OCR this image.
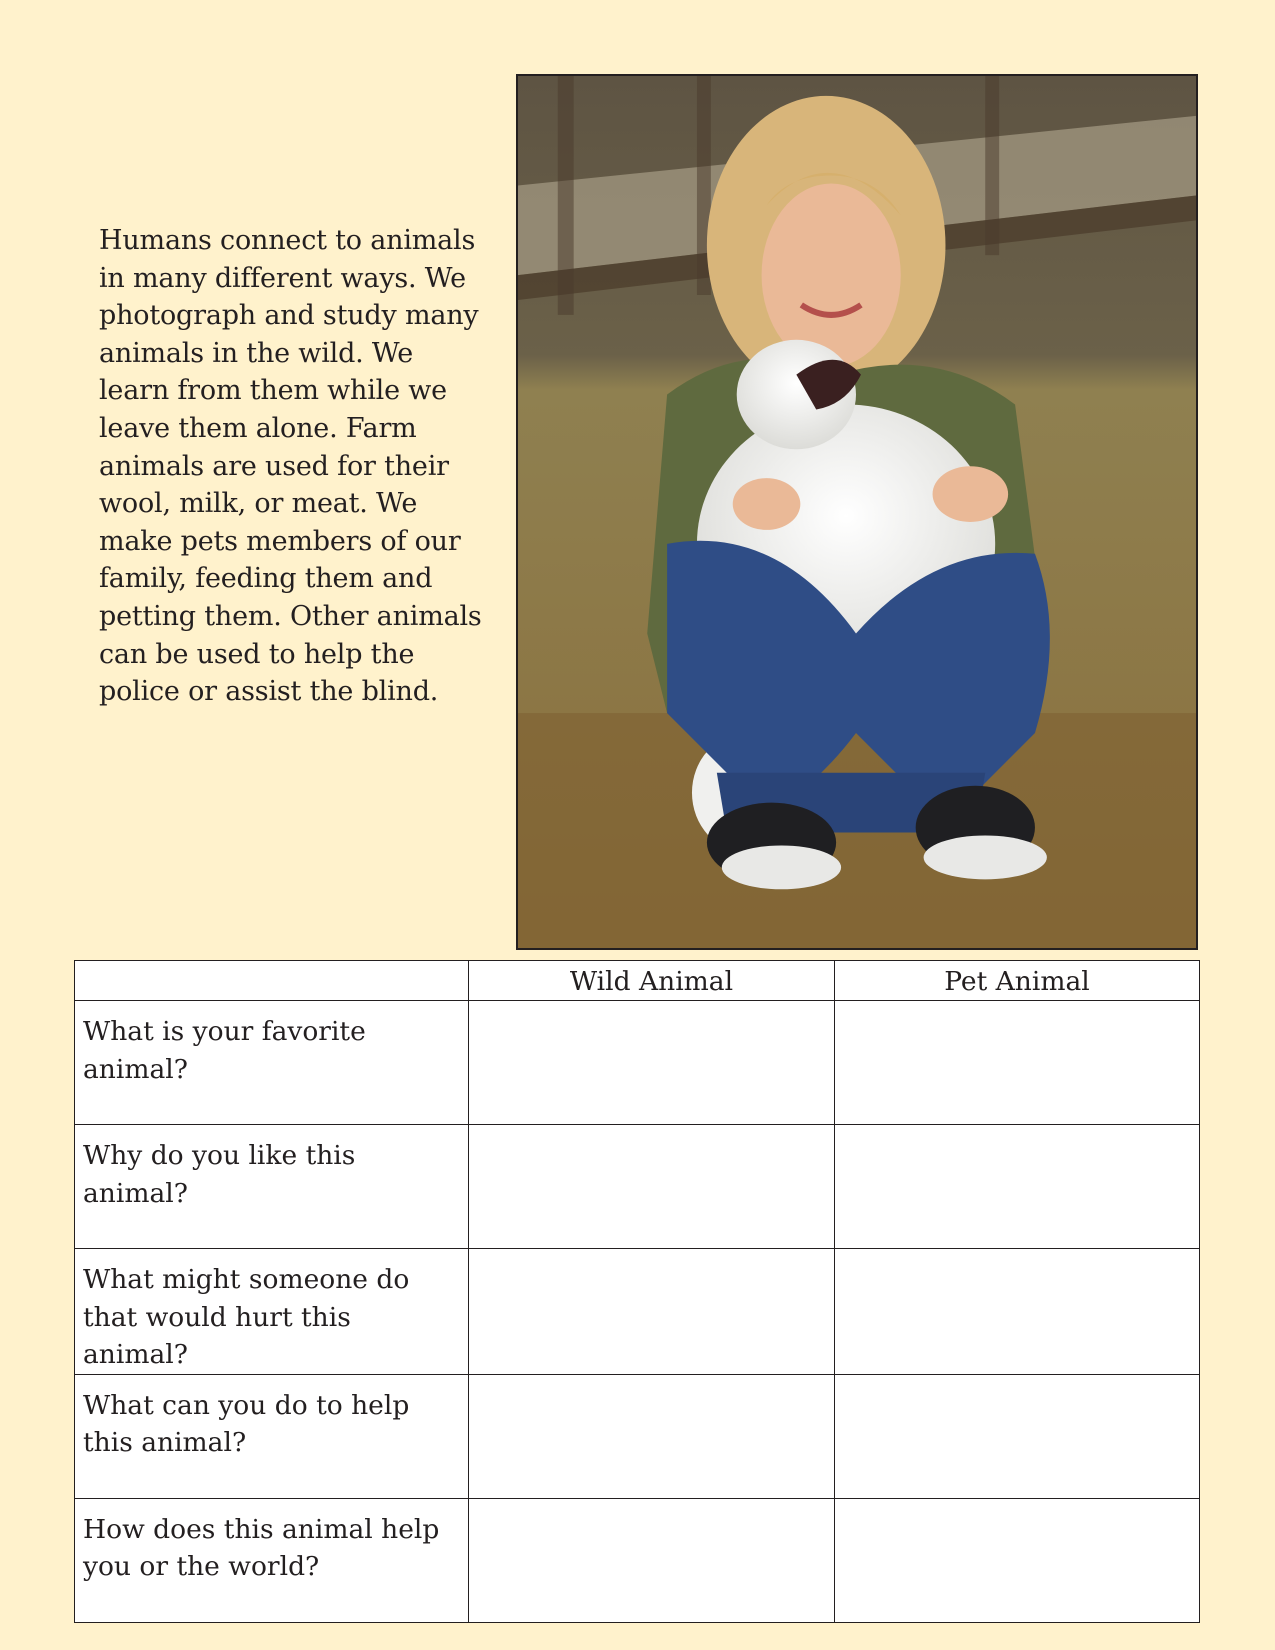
Humans connect to animals in many different ways. We photograph and study many animals in the wild. We learn from them while we leave them alone. Farm animals are used for their wool, milk, or meat. We make pets members of our family, feeding them and petting them. Other animals can be used to help the police or assist the blind.

	Wild Animal	Pet Animal
What is your favorite animal?		
Why do you like this animal?		
What might someone do that would hurt this animal?		
What can you do to help this animal?		
How does this animal help you or the world?		
